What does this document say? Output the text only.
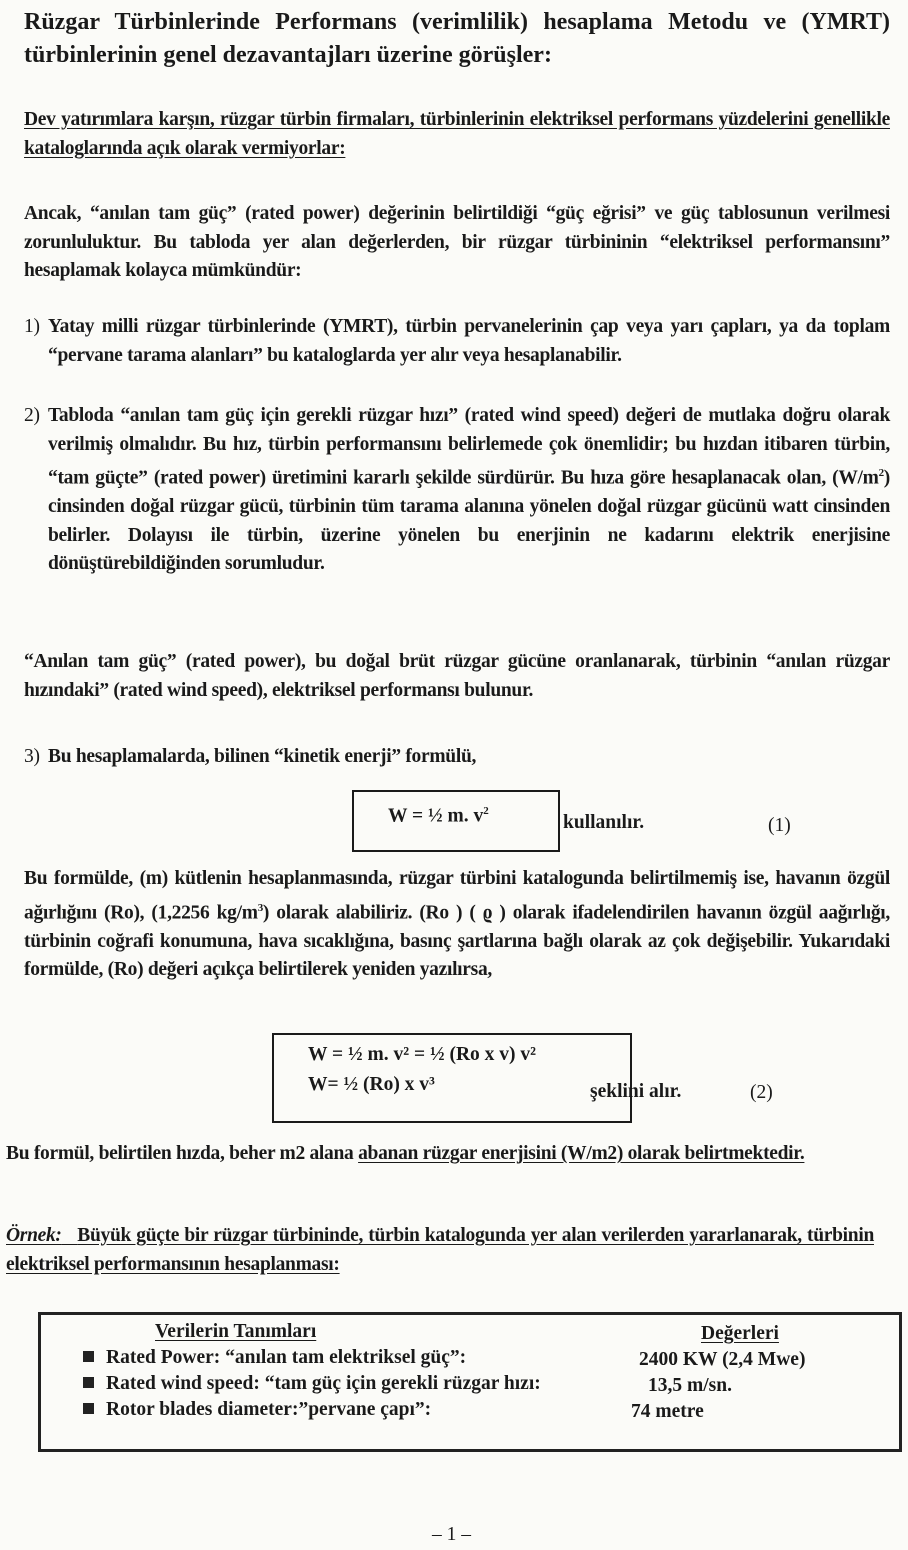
Rüzgar Türbinlerinde Performans (verimlilik) hesaplama Metodu ve (YMRT) türbinlerinin genel dezavantajları üzerine görüşler:
Dev yatırımlara karşın, rüzgar türbin firmaları, türbinlerinin elektriksel performans yüzdelerini genellikle kataloglarında açık olarak vermiyorlar:
Ancak, “anılan tam güç” (rated power) değerinin belirtildiği “güç eğrisi” ve güç tablosunun verilmesi zorunluluktur. Bu tabloda yer alan değerlerden, bir rüzgar türbininin “elektriksel performansını” hesaplamak kolayca mümkündür:
1) Yatay milli rüzgar türbinlerinde (YMRT), türbin pervanelerinin çap veya yarı çapları, ya da toplam “pervane tarama alanları” bu kataloglarda yer alır veya hesaplanabilir.
2) Tabloda “anılan tam güç için gerekli rüzgar hızı” (rated wind speed) değeri de mutlaka doğru olarak verilmiş olmalıdır. Bu hız, türbin performansını belirlemede çok önemlidir; bu hızdan itibaren türbin, “tam güçte” (rated power) üretimini kararlı şekilde sürdürür. Bu hıza göre hesaplanacak olan, $(W/m^2)$ cinsinden doğal rüzgar gücü, türbinin tüm tarama alanına yönelen doğal rüzgar gücünü watt cinsinden belirler. Dolayısı ile türbin, üzerine yönelen bu enerjinin ne kadarını elektrik enerjisine dönüştürebildiğinden sorumludur.
“Anılan tam güç” (rated power), bu doğal brüt rüzgar gücüne oranlanarak, türbinin “anılan rüzgar hızındaki” (rated wind speed), elektriksel performansı bulunur.
3) Bu hesaplamalarda, bilinen “kinetik enerji” formülü,
W = ½ m. $v^2$
kullanılır.	(1)
Bu formülde, (m) kütlenin hesaplanmasında, rüzgar türbini katalogunda belirtilmemiş ise, havanın özgül ağırlığını (Ro), (1,2256 $kg/m^3$) olarak alabiliriz. (Ro ) ( ϱ ) olarak ifadelendirilen havanın özgül aağırlığı, türbinin coğrafi konumuna, hava sıcaklığına, basınç şartlarına bağlı olarak az çok değişebilir. Yukarıdaki formülde, (Ro) değeri açıkça belirtilerek yeniden yazılırsa,
W = ½ m. v² = ½ (Ro x v) v²
W= ½ (Ro) x v³	şeklini alır.	(2)
Bu formül, belirtilen hızda, beher m2 alana abanan rüzgar enerjisini (W/m2) olarak belirtmektedir.
Örnek: Büyük güçte bir rüzgar türbininde, türbin katalogunda yer alan verilerden yararlanarak, türbinin elektriksel performansının hesaplanması:
Verilerin Tanımları	Değerleri
Rated Power: “anılan tam elektriksel güç”:	2400 KW (2,4 Mwe)
Rated wind speed: “tam güç için gerekli rüzgar hızı:	13,5 m/sn.
Rotor blades diameter:”pervane çapı”:	74 metre
– 1 –
